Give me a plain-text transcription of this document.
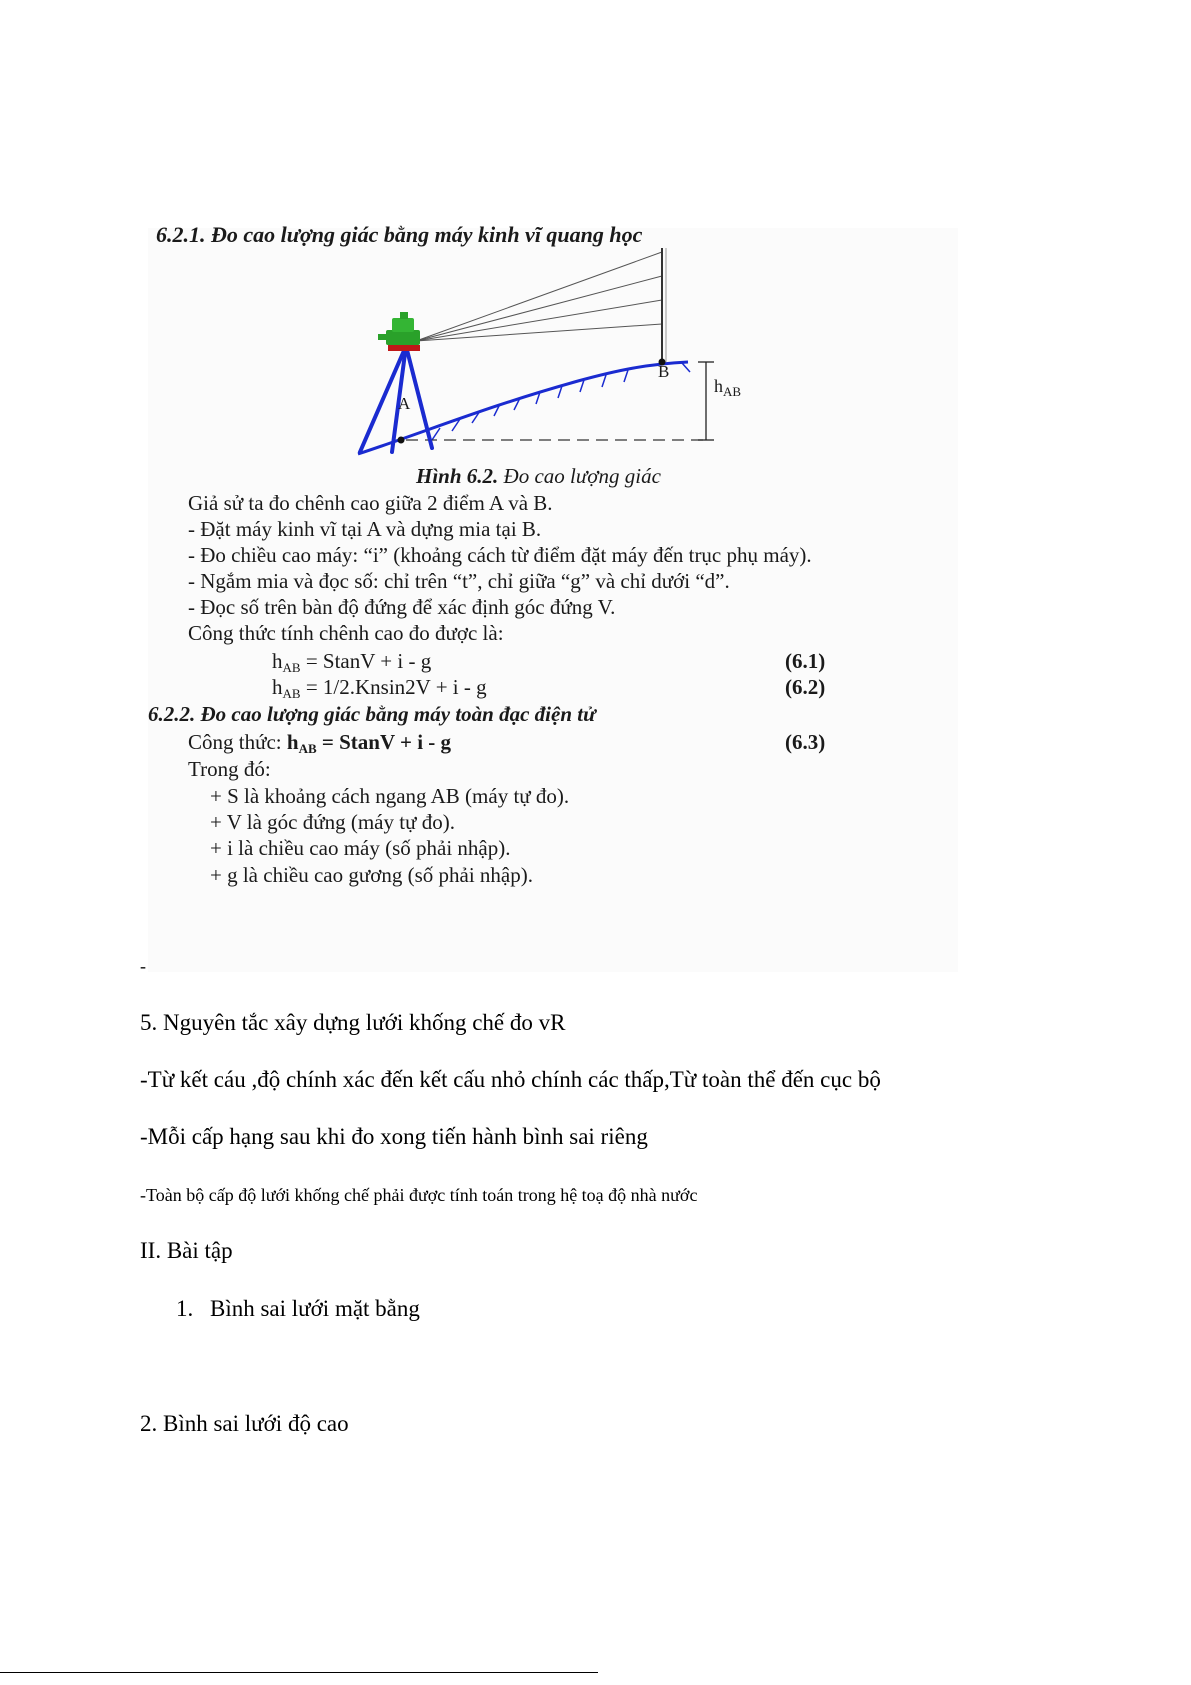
6.2.1. Đo cao lượng giác bằng máy kinh vĩ quang học
B
A
$h_{AB}$
Hình 6.2. Đo cao lượng giác
Giả sử ta đo chênh cao giữa 2 điểm A và B.
- Đặt máy kinh vĩ tại A và dựng mia tại B.
- Đo chiều cao máy: “i” (khoảng cách từ điểm đặt máy đến trục phụ máy).
- Ngắm mia và đọc số: chỉ trên “t”, chỉ giữa “g” và chỉ dưới “d”.
- Đọc số trên bàn độ đứng để xác định góc đứng V.
Công thức tính chênh cao đo được là:
$h_{AB} = StanV + i - g$	(6.1)
$h_{AB} = 1/2.Knsin2V + i - g$	(6.2)
6.2.2. Đo cao lượng giác bằng máy toàn đạc điện tử
Công thức: $h_{AB} = StanV + i - g$	(6.3)
Trong đó:
+ S là khoảng cách ngang AB (máy tự đo).
+ V là góc đứng (máy tự đo).
+ i là chiều cao máy (số phải nhập).
+ g là chiều cao gương (số phải nhập).
-
5. Nguyên tắc xây dựng lưới khống chế đo vR
-Từ kết cáu ,độ chính xác đến kết cấu nhỏ chính các thấp,Từ toàn thể đến cục bộ
-Mỗi cấp hạng sau khi đo xong tiến hành bình sai riêng
-Toàn bộ cấp độ lưới khống chế phải được tính toán trong hệ toạ độ nhà nước
II. Bài tập
1. Bình sai lưới mặt bằng
2. Bình sai lưới độ cao
